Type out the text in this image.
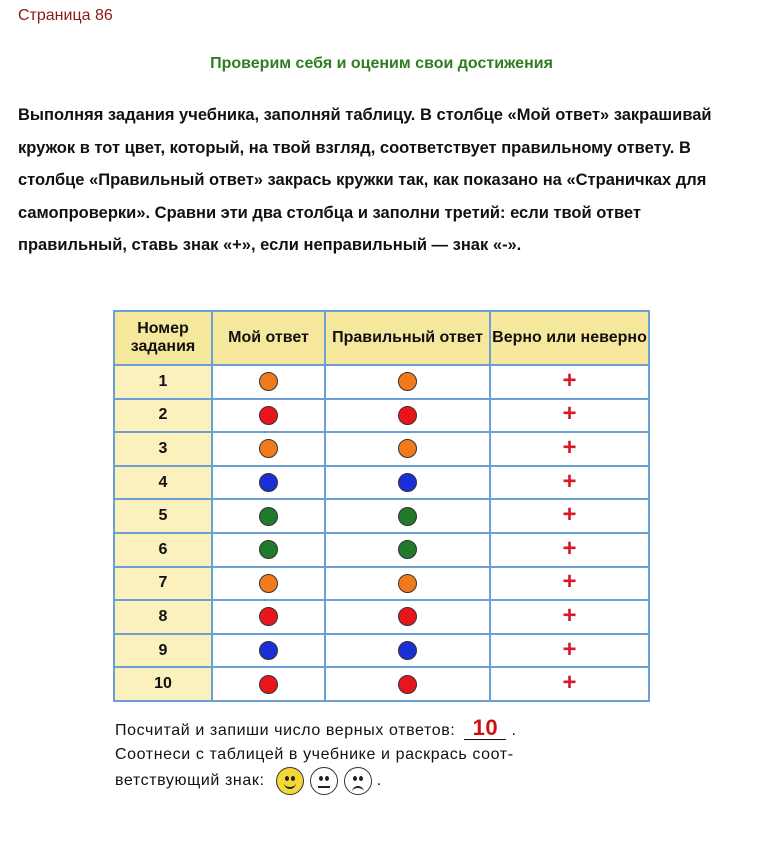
Страница 86
Проверим себя и оценим свои достижения

Выполняя задания учебника, заполняй таблицу. В столбце «Мой ответ» закрашивай кружок в тот цвет, который, на твой взгляд, соответствует правильному ответу. В столбце «Правильный ответ» закрась кружки так, как показано на «Страничках для самопроверки». Сравни эти два столбца и заполни третий: если твой ответ правильный, ставь знак «+», если неправильный — знак «-».

Номер задания	Мой ответ	Правильный ответ	Верно или неверно
1			+
2			+
3			+
4			+
5			+
6			+
7			+
8			+
9			+
10			+
Посчитай и запиши число верных ответов: 10 .
Соотнеси с таблицей в учебнике и раскрась соот-
ветствующий знак:	.
